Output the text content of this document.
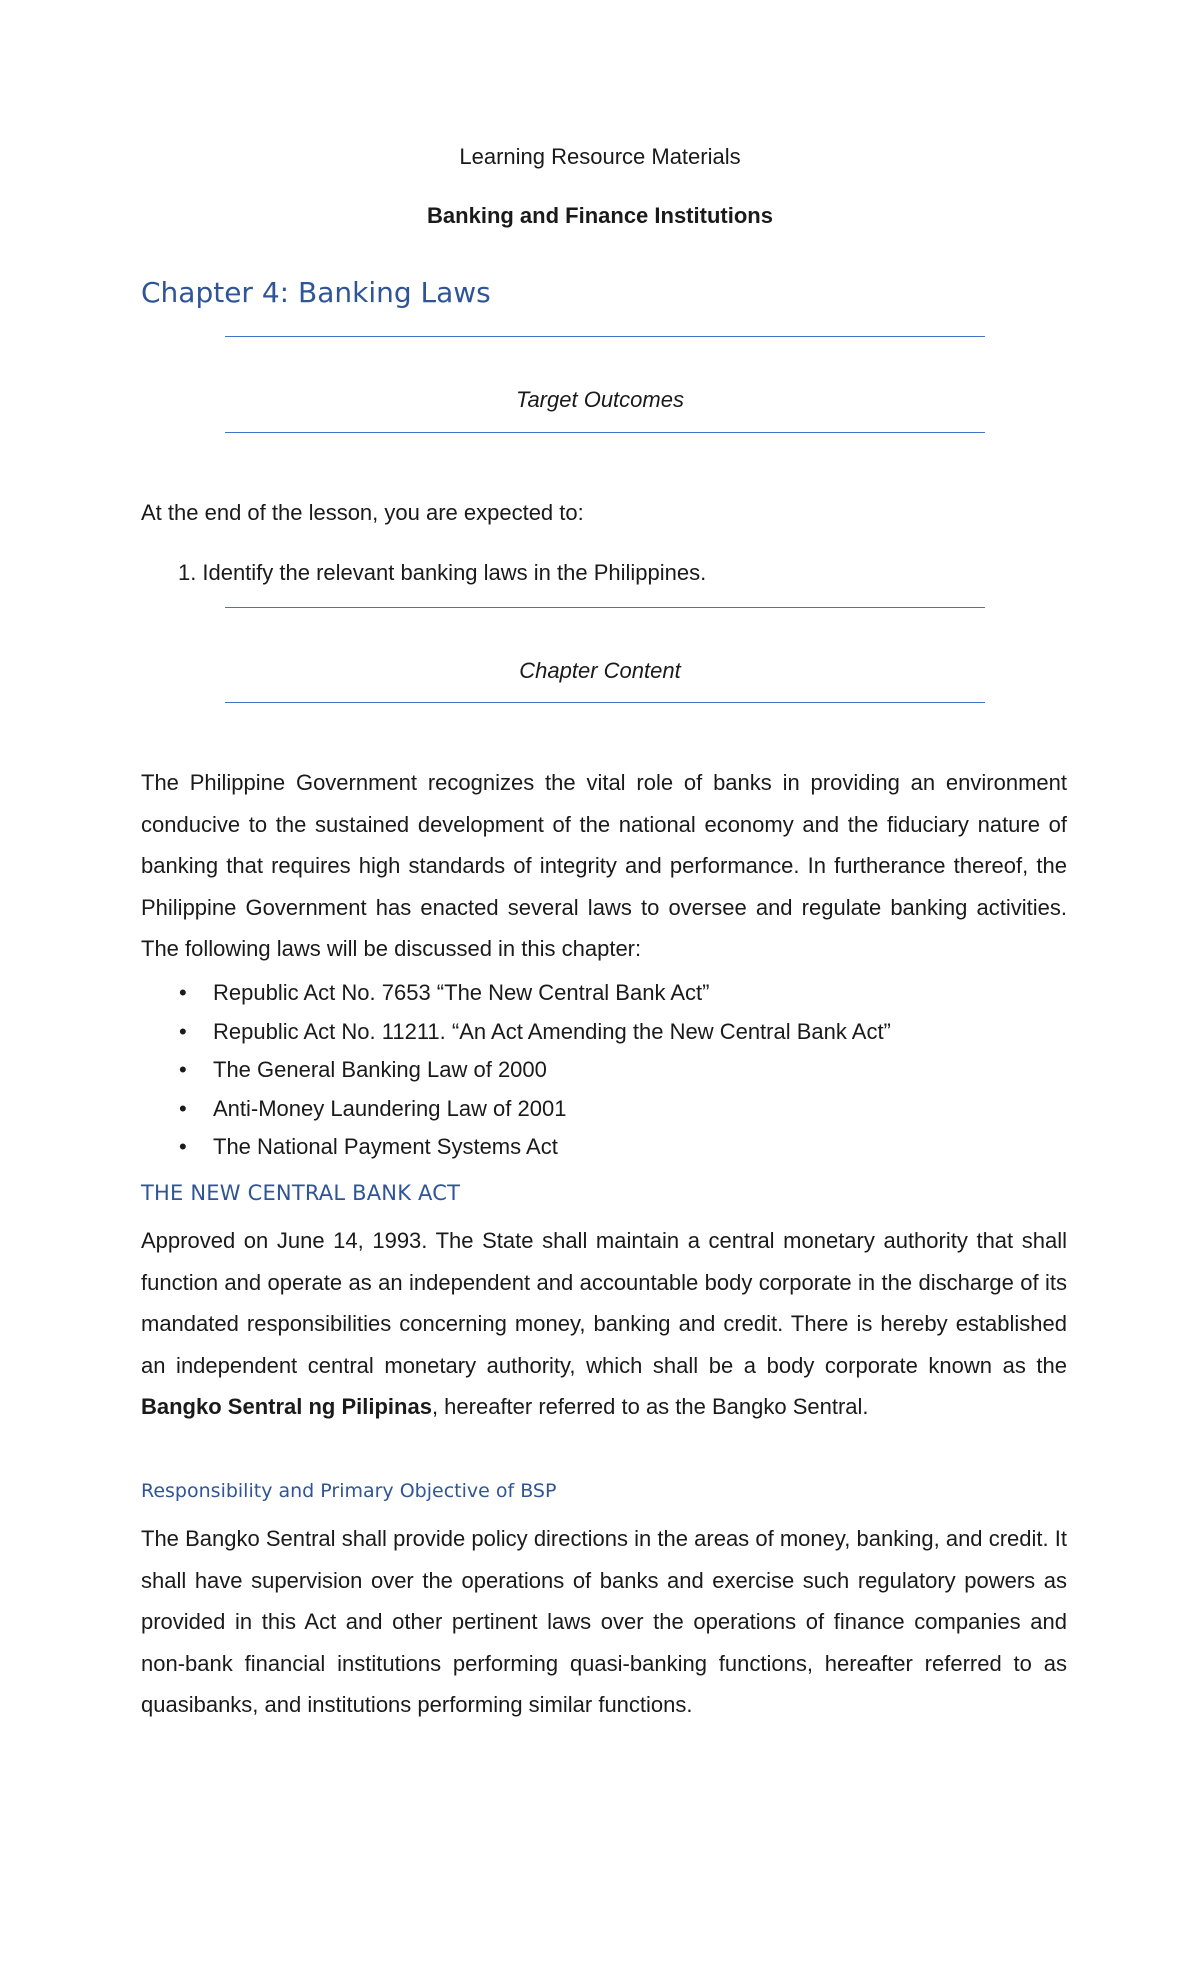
Learning Resource Materials
Banking and Finance Institutions
Chapter 4: Banking Laws
Target Outcomes
At the end of the lesson, you are expected to:
1. Identify the relevant banking laws in the Philippines.
Chapter Content

The Philippine Government recognizes the vital role of banks in providing an environment conducive to the sustained development of the national economy and the fiduciary nature of banking that requires high standards of integrity and performance. In furtherance thereof, the Philippine Government has enacted several laws to oversee and regulate banking activities. The following laws will be discussed in this chapter:

• Republic Act No. 7653 “The New Central Bank Act”
• Republic Act No. 11211. “An Act Amending the New Central Bank Act”
• The General Banking Law of 2000
• Anti-Money Laundering Law of 2001
• The National Payment Systems Act
THE NEW CENTRAL BANK ACT

Approved on June 14, 1993. The State shall maintain a central monetary authority that shall function and operate as an independent and accountable body corporate in the discharge of its mandated responsibilities concerning money, banking and credit. There is hereby established an independent central monetary authority, which shall be a body corporate known as the Bangko Sentral ng Pilipinas, hereafter referred to as the Bangko Sentral.

Responsibility and Primary Objective of BSP

The Bangko Sentral shall provide policy directions in the areas of money, banking, and credit. It shall have supervision over the operations of banks and exercise such regulatory powers as provided in this Act and other pertinent laws over the operations of finance companies and non-bank financial institutions performing quasi-banking functions, hereafter referred to as quasibanks, and institutions performing similar functions.
